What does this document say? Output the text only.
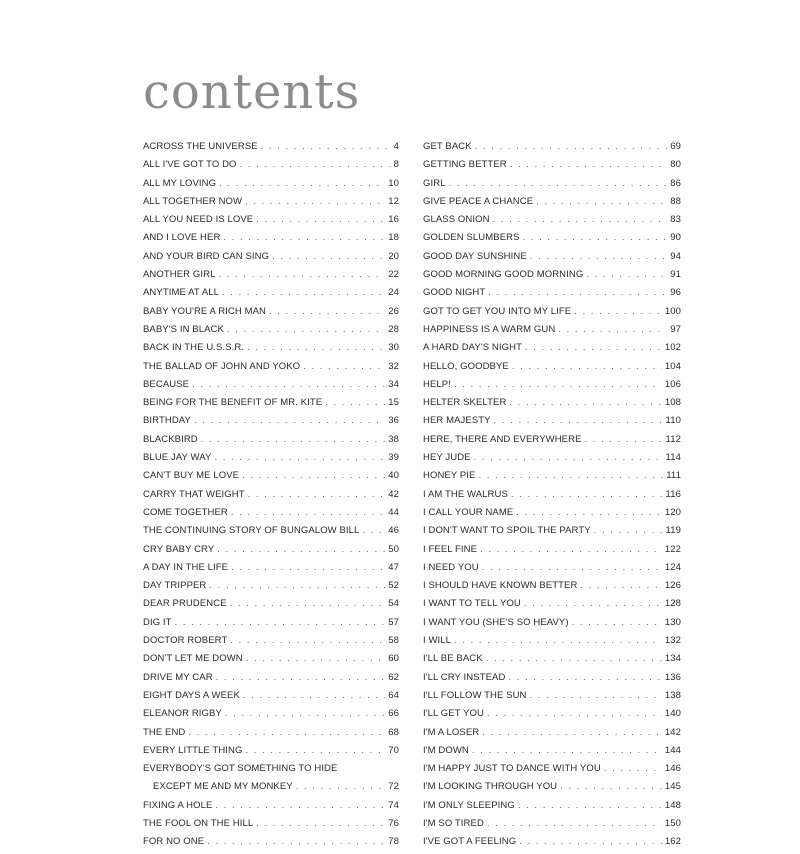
contents
ACROSS THE UNIVERSE . . .	4
ALL I'VE GOT TO DO . . .	8
ALL MY LOVING . . .	10
ALL TOGETHER NOW . . .	12
ALL YOU NEED IS LOVE . . .	16
AND I LOVE HER . . .	18
AND YOUR BIRD CAN SING . . .	20
ANOTHER GIRL . . .	22
ANYTIME AT ALL . . .	24
BABY YOU'RE A RICH MAN . . .	26
BABY'S IN BLACK . . .	28
BACK IN THE U.S.S.R. . . .	30
THE BALLAD OF JOHN AND YOKO . . .	32
BECAUSE . . .	34
BEING FOR THE BENEFIT OF MR. KITE . . .	15
BIRTHDAY . . .	36
BLACKBIRD . . .	38
BLUE JAY WAY . . .	39
CAN'T BUY ME LOVE . . .	40
CARRY THAT WEIGHT . . .	42
COME TOGETHER . . .	44
THE CONTINUING STORY OF BUNGALOW BILL . . .	46
CRY BABY CRY . . .	50
A DAY IN THE LIFE . . .	47
DAY TRIPPER . . .	52
DEAR PRUDENCE . . .	54
DIG IT . . .	57
DOCTOR ROBERT . . .	58
DON'T LET ME DOWN . . .	60
DRIVE MY CAR . . .	62
EIGHT DAYS A WEEK . . .	64
ELEANOR RIGBY . . .	66
THE END . . .	68
EVERY LITTLE THING . . .	70
EVERYBODY'S GOT SOMETHING TO HIDE
EXCEPT ME AND MY MONKEY . . .	72
FIXING A HOLE . . .	74
THE FOOL ON THE HILL . . .	76
FOR NO ONE . . .	78
GET BACK . . .	69
GETTING BETTER . . .	80
GIRL . . .	86
GIVE PEACE A CHANCE . . .	88
GLASS ONION . . .	83
GOLDEN SLUMBERS . . .	90
GOOD DAY SUNSHINE . . .	94
GOOD MORNING GOOD MORNING . . .	91
GOOD NIGHT . . .	96
GOT TO GET YOU INTO MY LIFE . . .	100
HAPPINESS IS A WARM GUN . . .	97
A HARD DAY'S NIGHT . . .	102
HELLO, GOODBYE . . .	104
HELP! . . .	106
HELTER SKELTER . . .	108
HER MAJESTY . . .	110
HERE, THERE AND EVERYWHERE . . .	112
HEY JUDE . . .	114
HONEY PIE . . .	111
I AM THE WALRUS . . .	116
I CALL YOUR NAME . . .	120
I DON'T WANT TO SPOIL THE PARTY . . .	119
I FEEL FINE . . .	122
I NEED YOU . . .	124
I SHOULD HAVE KNOWN BETTER . . .	126
I WANT TO TELL YOU . . .	128
I WANT YOU (SHE'S SO HEAVY) . . .	130
I WILL . . .	132
I'LL BE BACK . . .	134
I'LL CRY INSTEAD . . .	136
I'LL FOLLOW THE SUN . . .	138
I'LL GET YOU . . .	140
I'M A LOSER . . .	142
I'M DOWN . . .	144
I'M HAPPY JUST TO DANCE WITH YOU . . .	146
I'M LOOKING THROUGH YOU . . .	145
I'M ONLY SLEEPING . . .	148
I'M SO TIRED . . .	150
I'VE GOT A FEELING . . .	162
